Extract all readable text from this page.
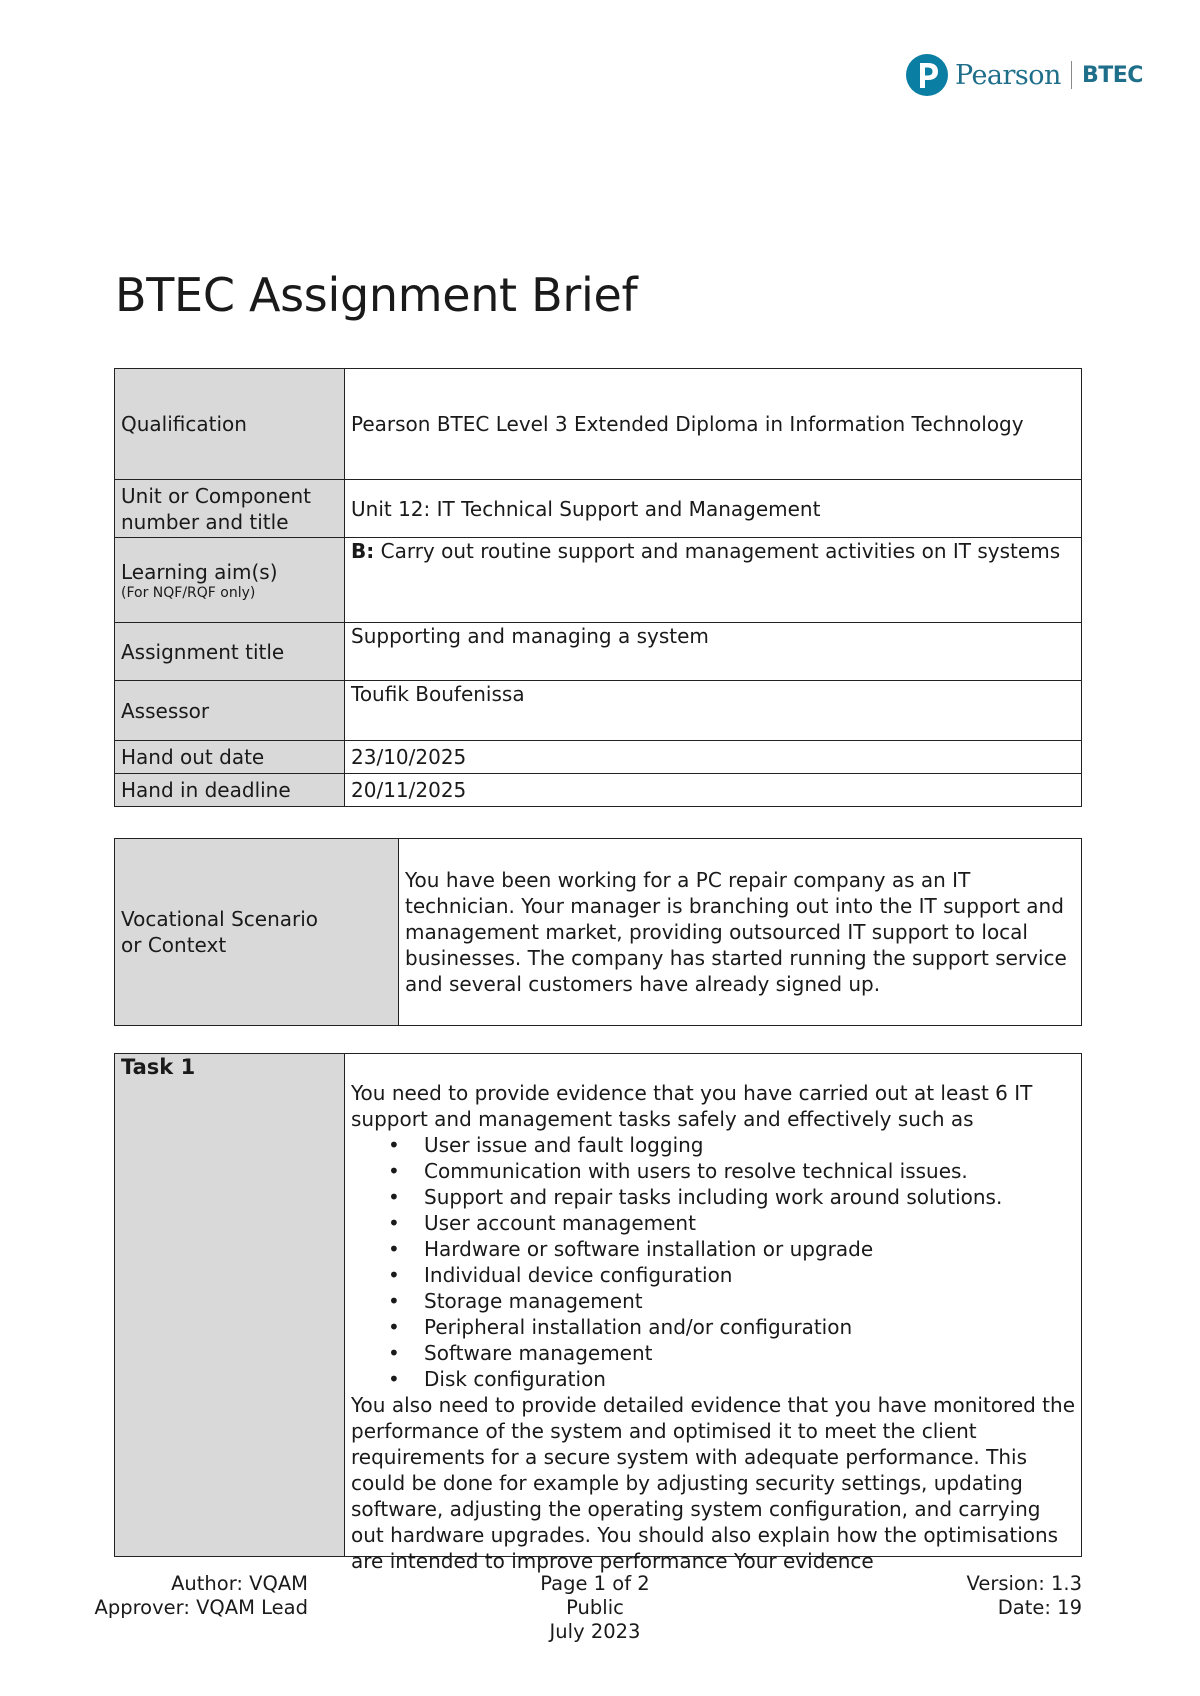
Pearson BTEC
BTEC Assignment Brief
Qualification	Pearson BTEC Level 3 Extended Diploma in Information Technology
Unit or Component number and title	Unit 12: IT Technical Support and Management

Learning aim(s)
(For NQF/RQF only)	B: Carry out routine support and management activities on IT systems
Assignment title	Supporting and managing a system
Assessor	Toufik Boufenissa
Hand out date	23/10/2025
Hand in deadline	20/11/2025
Vocational Scenario or Context	You have been working for a PC repair company as an IT technician. Your manager is branching out into the IT support and management market, providing outsourced IT support to local businesses. The company has started running the support service and several customers have already signed up.
Task 1	
You need to provide evidence that you have carried out at least 6 IT support and management tasks safely and effectively such as
• User issue and fault logging
• Communication with users to resolve technical issues.
• Support and repair tasks including work around solutions.
• User account management
• Hardware or software installation or upgrade
• Individual device configuration
• Storage management
• Peripheral installation and/or configuration
• Software management
• Disk configuration
You also need to provide detailed evidence that you have monitored the performance of the system and optimised it to meet the client requirements for a secure system with adequate performance. This could be done for example by adjusting security settings, updating software, adjusting the operating system configuration, and carrying out hardware upgrades. You should also explain how the optimisations are intended to improve performance Your evidence
Author: VQAM
Approver: VQAM Lead
Page 1 of 2
Public
July 2023
Version: 1.3
Date: 19
